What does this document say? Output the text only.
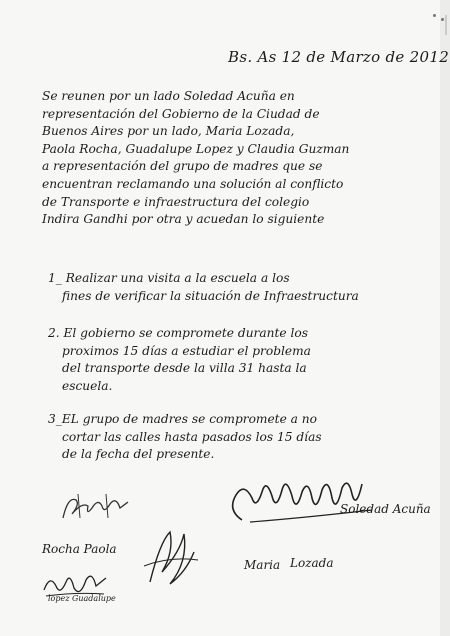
Bs. As 12 de Marzo de 2012
Se reunen por un lado Soledad Acuña en
representación del Gobierno de la Ciudad de
Buenos Aires por un lado, Maria Lozada,
Paola Rocha, Guadalupe Lopez y Claudia Guzman
a representación del grupo de madres que se
encuentran reclamando una solución al conflicto
de Transporte e infraestructura del colegio
Indira Gandhi por otra y acuedan lo siguiente
1_ Realizar una visita a la escuela a los
fines de verificar la situación de Infraestructura
2. El gobierno se compromete durante los
proximos 15 días a estudiar el problema
del transporte desde la villa 31 hasta la
escuela.
3_EL grupo de madres se compromete a no
cortar las calles hasta pasados los 15 días
de la fecha del presente.
Soledad Acuña
Rocha Paola
Maria Lozada
lopez Guadalupe
